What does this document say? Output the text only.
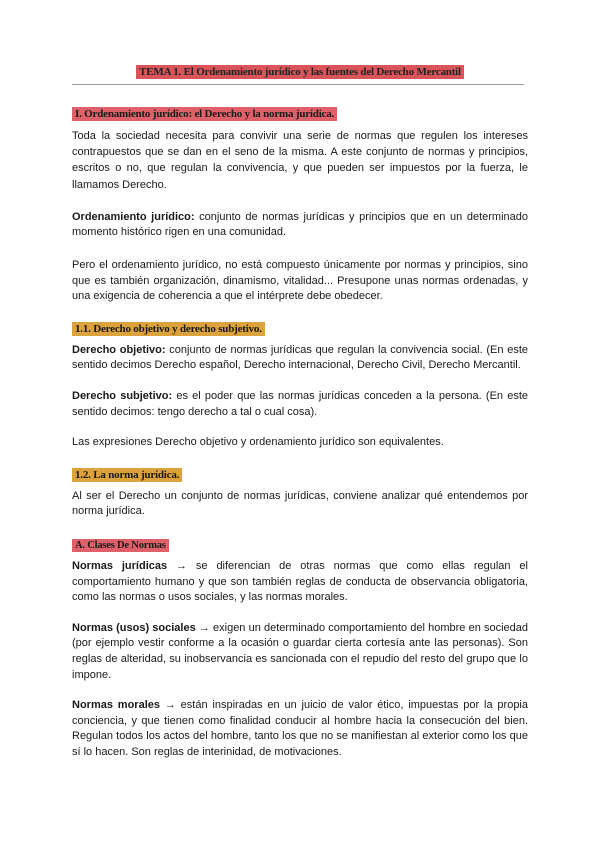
TEMA 1. El Ordenamiento jurídico y las fuentes del Derecho Mercantil
I. Ordenamiento jurídico: el Derecho y la norma jurídica.

Toda la sociedad necesita para convivir una serie de normas que regulen los intereses contrapuestos que se dan en el seno de la misma. A este conjunto de normas y principios, escritos o no, que regulan la convivencia, y que pueden ser impuestos por la fuerza, le llamamos Derecho.

Ordenamiento jurídico: conjunto de normas jurídicas y principios que en un determinado momento histórico rigen en una comunidad.

Pero el ordenamiento jurídico, no está compuesto únicamente por normas y principios, sino que es también organización, dinamismo, vitalidad... Presupone unas normas ordenadas, y una exigencia de coherencia a que el intérprete debe obedecer.

1.1. Derecho objetivo y derecho subjetivo.

Derecho objetivo: conjunto de normas jurídicas que regulan la convivencia social. (En este sentido decimos Derecho español, Derecho internacional, Derecho Civil, Derecho Mercantil.

Derecho subjetivo: es el poder que las normas jurídicas conceden a la persona. (En este sentido decimos: tengo derecho a tal o cual cosa).

Las expresiones Derecho objetivo y ordenamiento jurídico son equivalentes.

1.2. La norma jurídica.

Al ser el Derecho un conjunto de normas jurídicas, conviene analizar qué entendemos por norma jurídica.

A. Clases De Normas

Normas jurídicas → se diferencian de otras normas que como ellas regulan el comportamiento humano y que son también reglas de conducta de observancia obligatoria, como las normas o usos sociales, y las normas morales.

Normas (usos) sociales → exigen un determinado comportamiento del hombre en sociedad (por ejemplo vestir conforme a la ocasión o guardar cierta cortesía ante las personas). Son reglas de alteridad, su inobservancia es sancionada con el repudio del resto del grupo que lo impone.

Normas morales → están inspiradas en un juicio de valor ético, impuestas por la propia conciencia, y que tienen como finalidad conducir al hombre hacia la consecución del bien. Regulan todos los actos del hombre, tanto los que no se manifiestan al exterior como los que sí lo hacen. Son reglas de interinidad, de motivaciones.
